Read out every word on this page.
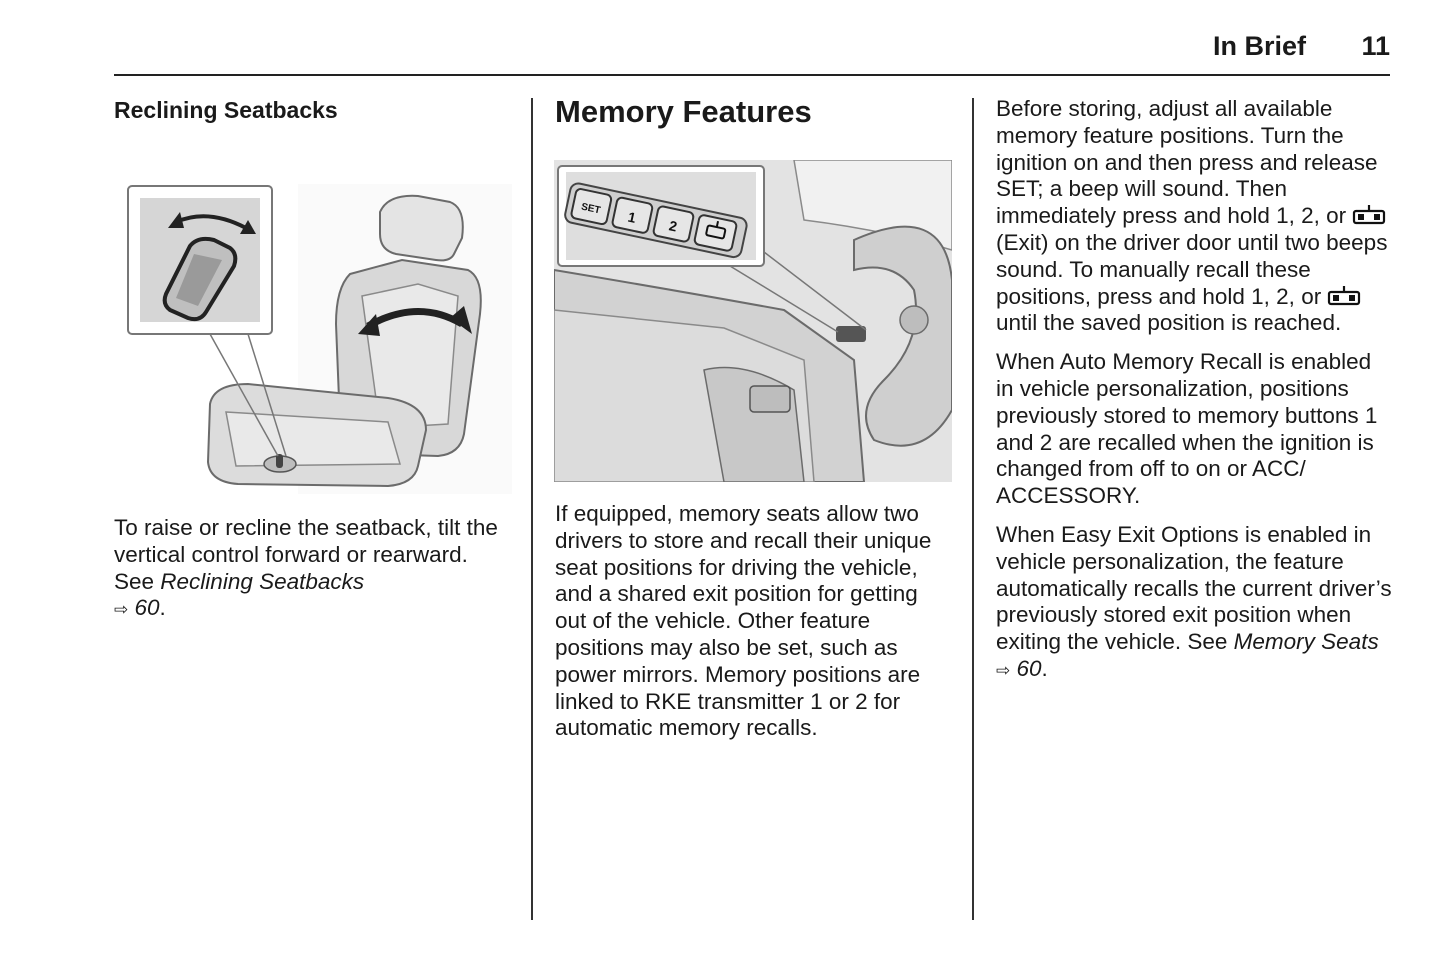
In Brief 11
Reclining Seatbacks

To raise or recline the seatback, tilt the vertical control forward or rearward. See Reclining Seatbacks
⇨ 60.

Memory Features
SET 1
2

If equipped, memory seats allow two drivers to store and recall their unique seat positions for driving the vehicle, and a shared exit position for getting out of the vehicle. Other feature positions may also be set, such as power mirrors. Memory positions are linked to RKE transmitter 1 or 2 for automatic memory recalls.

Before storing, adjust all available memory feature positions. Turn the ignition on and then press and release SET; a beep will sound. Then immediately press and hold 1, 2, or  (Exit) on the driver door until two beeps sound. To manually recall these positions, press and hold 1, 2, or  until the saved position is reached.

When Auto Memory Recall is enabled in vehicle personalization, positions previously stored to memory buttons 1 and 2 are recalled when the ignition is changed from off to on or ACC/ ACCESSORY.

When Easy Exit Options is enabled in vehicle personalization, the feature automatically recalls the current driver’s previously stored exit position when exiting the vehicle. See Memory Seats ⇨ 60.
